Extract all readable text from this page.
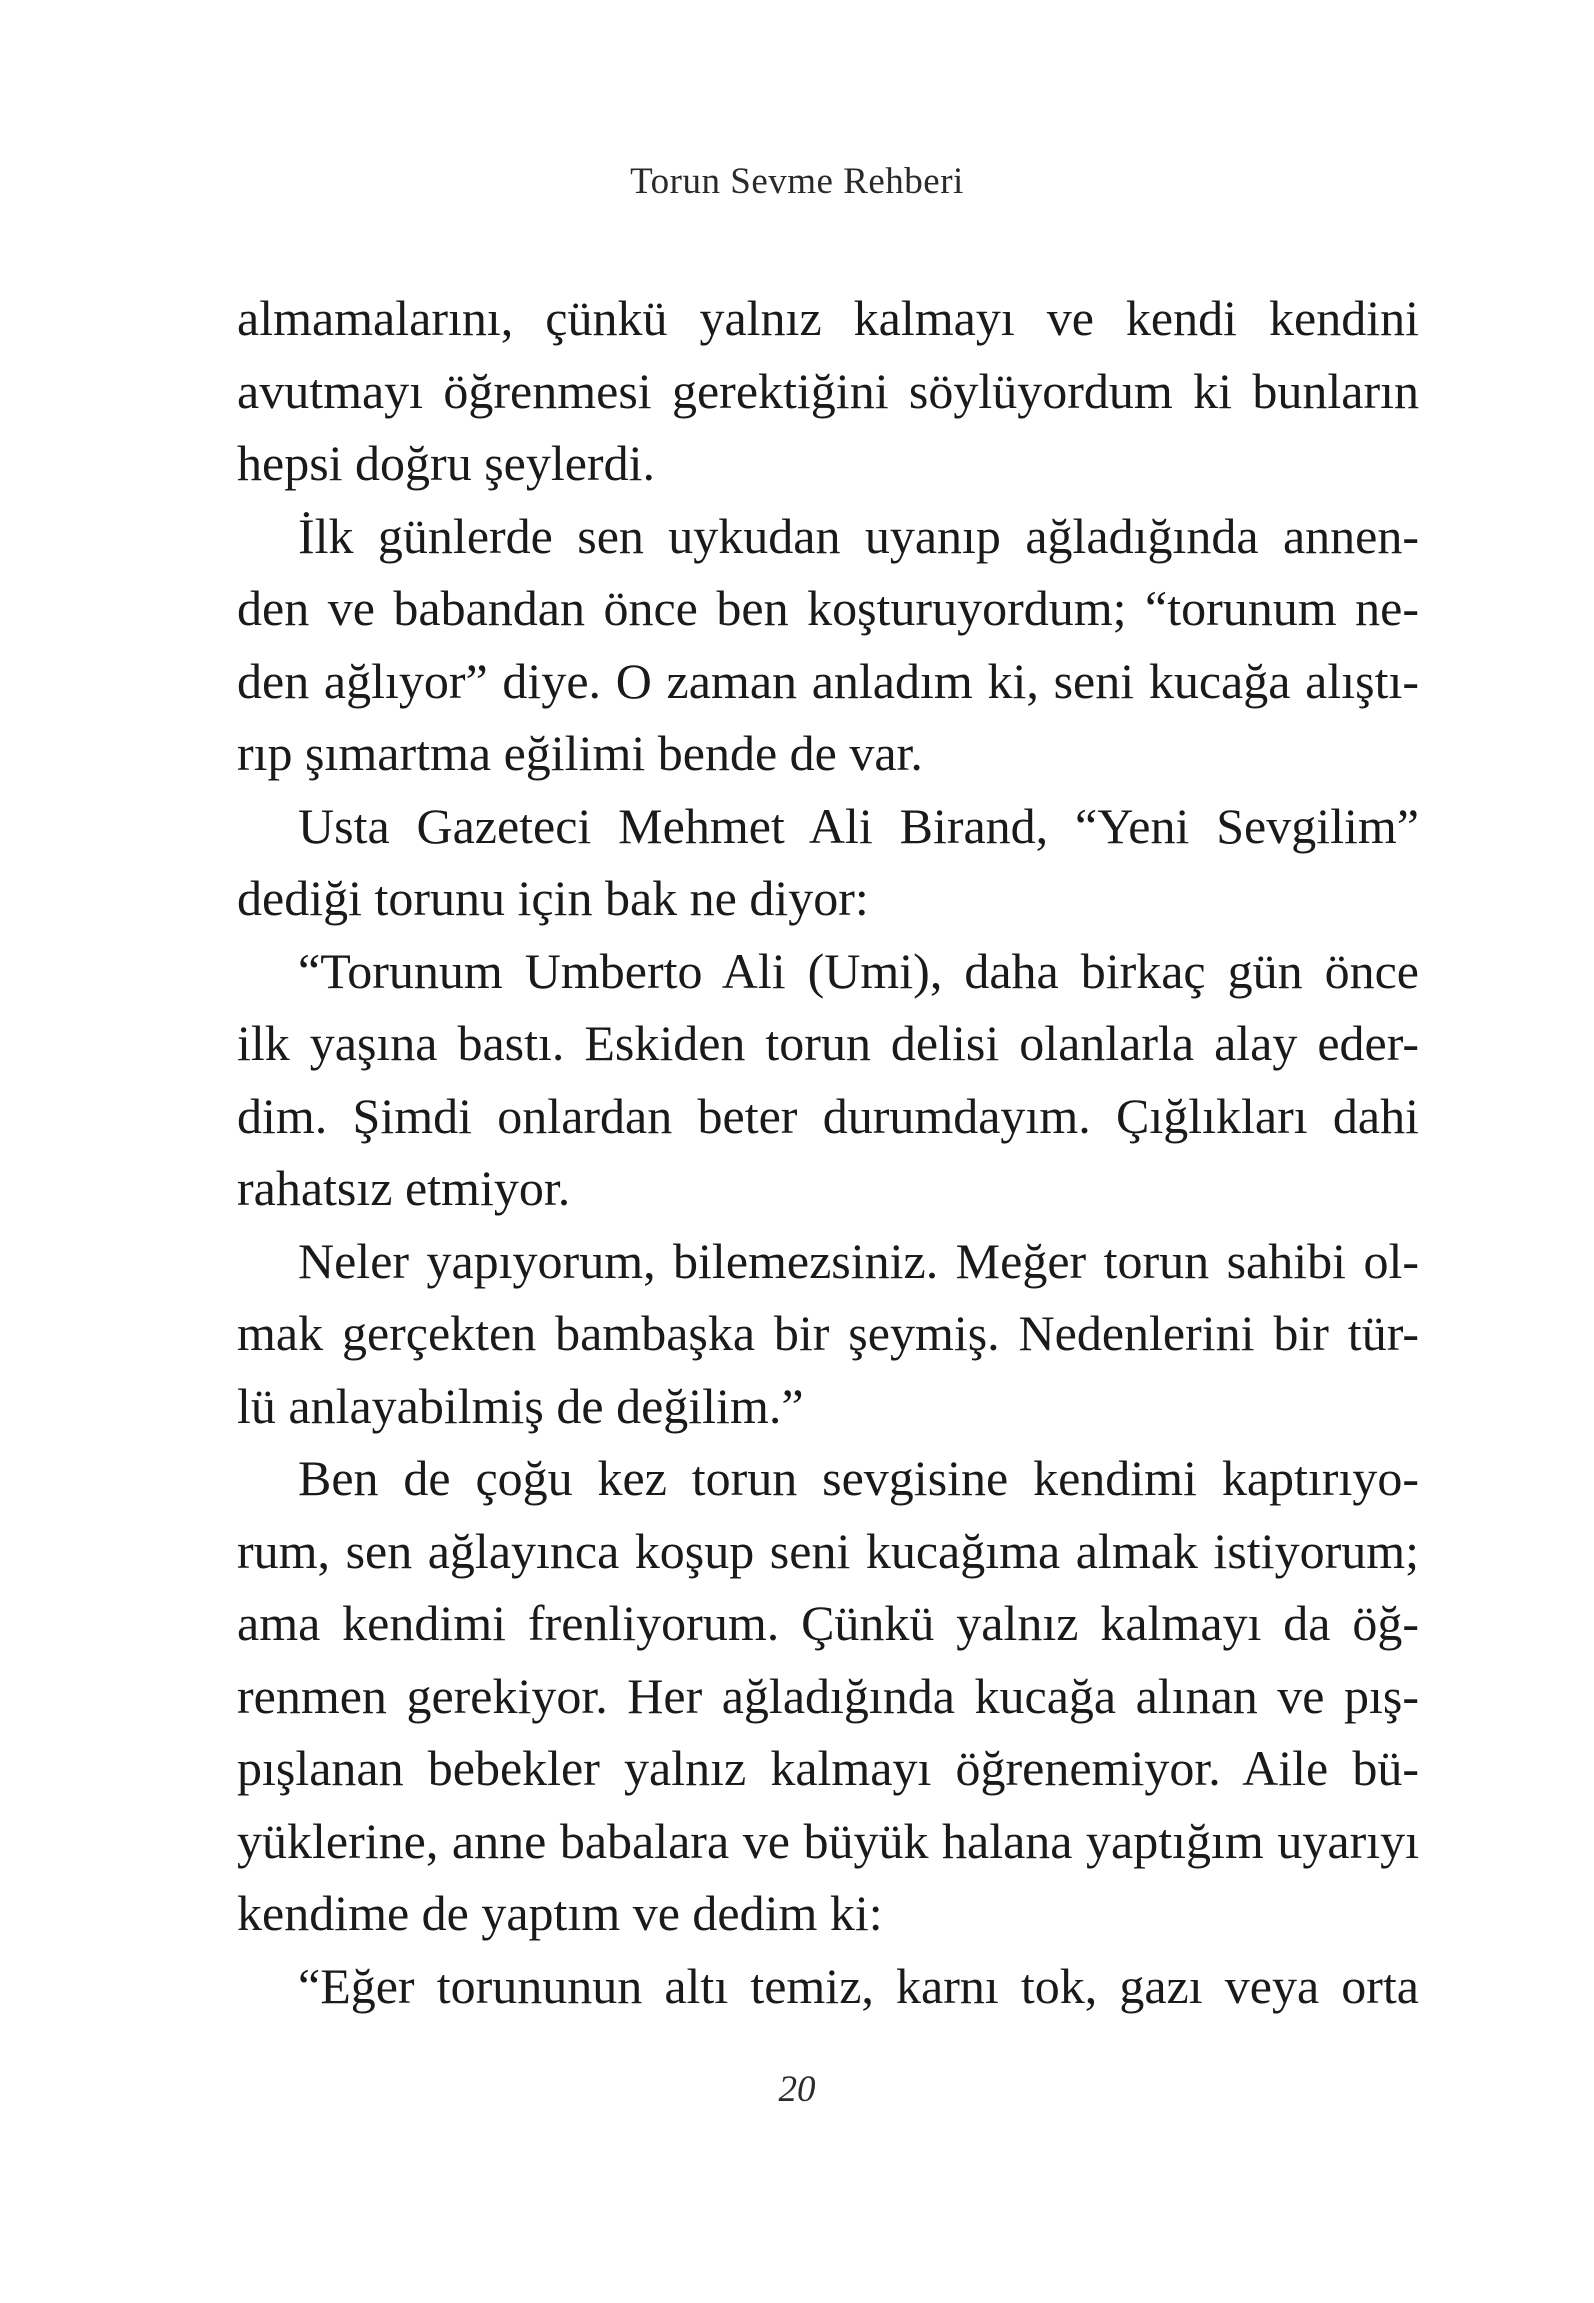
Torun Sevme Rehberi
almamalarını, çünkü yalnız kalmayı ve kendi kendini
avutmayı öğrenmesi gerektiğini söylüyordum ki bunların
hepsi doğru şeylerdi.
İlk günlerde sen uykudan uyanıp ağladığında annen-
den ve babandan önce ben koşturuyordum; “torunum ne-
den ağlıyor” diye. O zaman anladım ki, seni kucağa alıştı-
rıp şımartma eğilimi bende de var.
Usta Gazeteci Mehmet Ali Birand, “Yeni Sevgilim”
dediği torunu için bak ne diyor:
“Torunum Umberto Ali (Umi), daha birkaç gün önce
ilk yaşına bastı. Eskiden torun delisi olanlarla alay eder-
dim. Şimdi onlardan beter durumdayım. Çığlıkları dahi
rahatsız etmiyor.
Neler yapıyorum, bilemezsiniz. Meğer torun sahibi ol-
mak gerçekten bambaşka bir şeymiş. Nedenlerini bir tür-
lü anlayabilmiş de değilim.”
Ben de çoğu kez torun sevgisine kendimi kaptırıyo-
rum, sen ağlayınca koşup seni kucağıma almak istiyorum;
ama kendimi frenliyorum. Çünkü yalnız kalmayı da öğ-
renmen gerekiyor. Her ağladığında kucağa alınan ve pış-
pışlanan bebekler yalnız kalmayı öğrenemiyor. Aile bü-
yüklerine, anne babalara ve büyük halana yaptığım uyarıyı
kendime de yaptım ve dedim ki:
“Eğer torununun altı temiz, karnı tok, gazı veya orta
20
